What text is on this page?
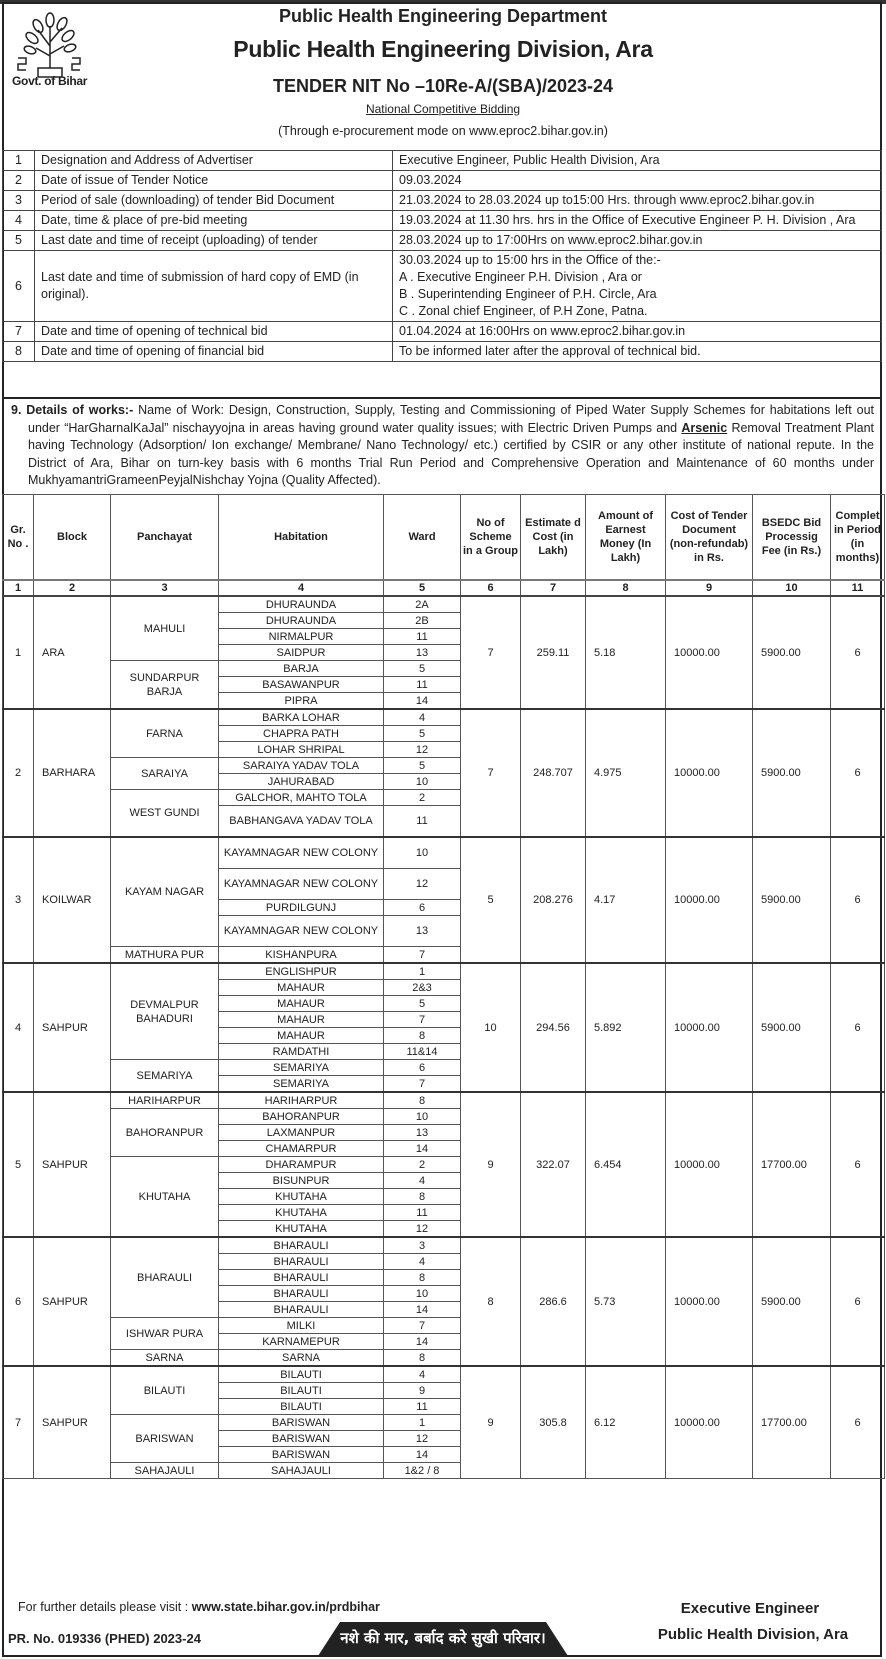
Govt. of Bihar
Public Health Engineering Department
Public Health Engineering Division, Ara
TENDER NIT No –10Re-A/(SBA)/2023-24
National Competitive Bidding
(Through e-procurement mode on www.eproc2.bihar.gov.in)
1	Designation and Address of Advertiser	Executive Engineer, Public Health Division, Ara

2	Date of issue of Tender Notice	09.03.2024

3	Period of sale (downloading) of tender Bid Document	21.03.2024 to 28.03.2024 up to15:00 Hrs. through www.eproc2.bihar.gov.in

4	Date, time & place of pre-bid meeting	19.03.2024 at 11.30 hrs. hrs in the Office of Executive Engineer P. H. Division , Ara

5	Last date and time of receipt (uploading) of tender	28.03.2024 up to 17:00Hrs on www.eproc2.bihar.gov.in

6	Last date and time of submission of hard copy of EMD (in original).	30.03.2024 up to 15:00 hrs in the Office of the:-
A . Executive Engineer P.H. Division , Ara or
B . Superintending Engineer of P.H. Circle, Ara
C . Zonal chief Engineer, of P.H Zone, Patna.

7	Date and time of opening of technical bid	01.04.2024 at 16:00Hrs on www.eproc2.bihar.gov.in

8	Date and time of opening of financial bid	To be informed later after the approval of technical bid.
9. Details of works:- Name of Work: Design, Construction, Supply, Testing and Commissioning of Piped Water Supply Schemes for habitations left out under “HarGharnalKaJal” nischayyojna in areas having ground water quality issues; with Electric Driven Pumps and Arsenic Removal Treatment Plant having Technology (Adsorption/ Ion exchange/ Membrane/ Nano Technology/ etc.) certified by CSIR or any other institute of national repute. In the District of Ara, Bihar on turn-key basis with 6 months Trial Run Period and Comprehensive Operation and Maintenance of 60 months under MukhyamantriGrameenPeyjalNishchay Yojna (Quality Affected).
Gr. No .	Block	Panchayat	Habitation	Ward	No of Scheme in a Group	Estimate d Cost (in Lakh)	Amount of Earnest Money (In Lakh)	Cost of Tender Document (non-refundab) in Rs.	BSEDC Bid Processig Fee (in Rs.)	Complet in Period (in months)
1	2	3	4	5	6	7	8	9	10	11
1	ARA	MAHULI	DHURAUNDA	2A	7	259.11	5.18	10000.00	5900.00	6
			DHURAUNDA	2B						
			NIRMALPUR	11						
			SAIDPUR	13						
		SUNDARPUR BARJA	BARJA	5						
			BASAWANPUR	11						
			PIPRA	14						
2	BARHARA	FARNA	BARKA LOHAR	4	7	248.707	4.975	10000.00	5900.00	6
			CHAPRA PATH	5						
			LOHAR SHRIPAL	12						
		SARAIYA	SARAIYA YADAV TOLA	5						
			JAHURABAD	10						
		WEST GUNDI	GALCHOR, MAHTO TOLA	2						
			BABHANGAVA YADAV TOLA	11						
3	KOILWAR	KAYAM NAGAR	KAYAMNAGAR NEW COLONY	10	5	208.276	4.17	10000.00	5900.00	6
			KAYAMNAGAR NEW COLONY	12						
			PURDILGUNJ	6						
			KAYAMNAGAR NEW COLONY	13						
		MATHURA PUR	KISHANPURA	7						
4	SAHPUR	DEVMALPUR BAHADURI	ENGLISHPUR	1	10	294.56	5.892	10000.00	5900.00	6
			MAHAUR	2&3						
			MAHAUR	5						
			MAHAUR	7						
			MAHAUR	8						
			RAMDATHI	11&14						
		SEMARIYA	SEMARIYA	6						
			SEMARIYA	7						
5	SAHPUR	HARIHARPUR	HARIHARPUR	8	9	322.07	6.454	10000.00	17700.00	6
		BAHORANPUR	BAHORANPUR	10						
			LAXMANPUR	13						
			CHAMARPUR	14						
		KHUTAHA	DHARAMPUR	2						
			BISUNPUR	4						
			KHUTAHA	8						
			KHUTAHA	11						
			KHUTAHA	12						
6	SAHPUR	BHARAULI	BHARAULI	3	8	286.6	5.73	10000.00	5900.00	6
			BHARAULI	4						
			BHARAULI	8						
			BHARAULI	10						
			BHARAULI	14						
		ISHWAR PURA	MILKI	7						
			KARNAMEPUR	14						
		SARNA	SARNA	8						
7	SAHPUR	BILAUTI	BILAUTI	4	9	305.8	6.12	10000.00	17700.00	6
			BILAUTI	9						
			BILAUTI	11						
		BARISWAN	BARISWAN	1						
			BARISWAN	12						
			BARISWAN	14						
		SAHAJAULI	SAHAJAULI	1&2 / 8						
For further details please visit : www.state.bihar.gov.in/prdbihar
PR. No. 019336 (PHED) 2023-24	नशे की मार, बर्बाद करे सुखी परिवार।
Executive Engineer
Public Health Division, Ara
